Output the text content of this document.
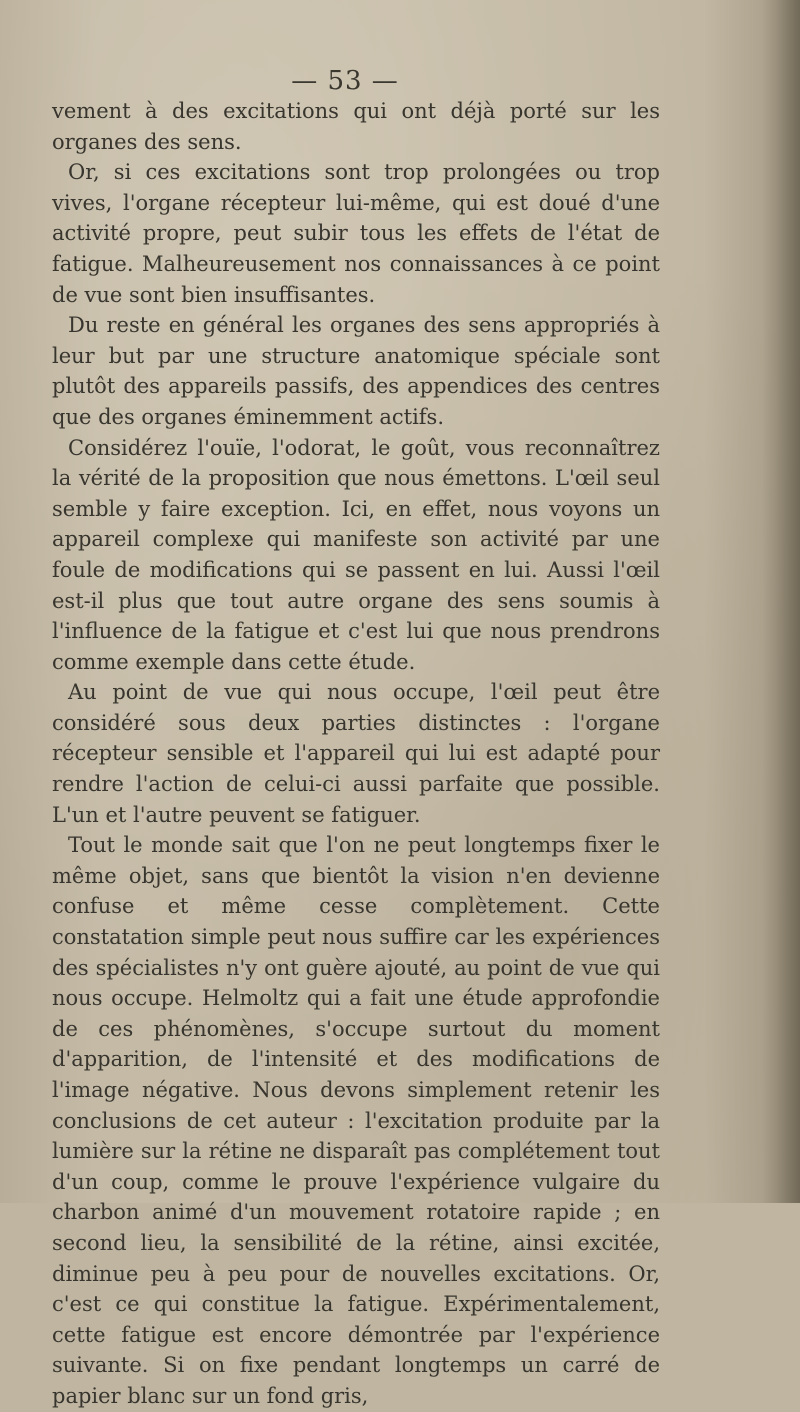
— 53 —

vement à des excitations qui ont déjà porté sur les organes des sens.

Or, si ces excitations sont trop prolongées ou trop vives, l'organe récepteur lui-même, qui est doué d'une activité propre, peut subir tous les effets de l'état de fatigue. Malheureusement nos connaissances à ce point de vue sont bien insuffisantes.

Du reste en général les organes des sens appropriés à leur but par une structure anatomique spéciale sont plutôt des appareils passifs, des appendices des centres que des organes éminemment actifs.

Considérez l'ouïe, l'odorat, le goût, vous reconnaîtrez la vérité de la proposition que nous émettons. L'œil seul semble y faire exception. Ici, en effet, nous voyons un appareil complexe qui manifeste son activité par une foule de modifications qui se passent en lui. Aussi l'œil est-il plus que tout autre organe des sens soumis à l'influence de la fatigue et c'est lui que nous prendrons comme exemple dans cette étude.

Au point de vue qui nous occupe, l'œil peut être considéré sous deux parties distinctes : l'organe récepteur sensible et l'appareil qui lui est adapté pour rendre l'action de celui-ci aussi parfaite que possible. L'un et l'autre peuvent se fatiguer.

Tout le monde sait que l'on ne peut longtemps fixer le même objet, sans que bientôt la vision n'en devienne confuse et même cesse complètement. Cette constatation simple peut nous suffire car les expériences des spécialistes n'y ont guère ajouté, au point de vue qui nous occupe. Helmoltz qui a fait une étude approfondie de ces phénomènes, s'occupe surtout du moment d'apparition, de l'intensité et des modifications de l'image négative. Nous devons simplement retenir les conclusions de cet auteur : l'excitation produite par la lumière sur la rétine ne disparaît pas complétement tout d'un coup, comme le prouve l'expérience vulgaire du charbon animé d'un mouvement rotatoire rapide ; en second lieu, la sensibilité de la rétine, ainsi excitée, diminue peu à peu pour de nouvelles excitations. Or, c'est ce qui constitue la fatigue. Expérimentalement, cette fatigue est encore démontrée par l'expérience suivante. Si on fixe pendant longtemps un carré de papier blanc sur un fond gris,
